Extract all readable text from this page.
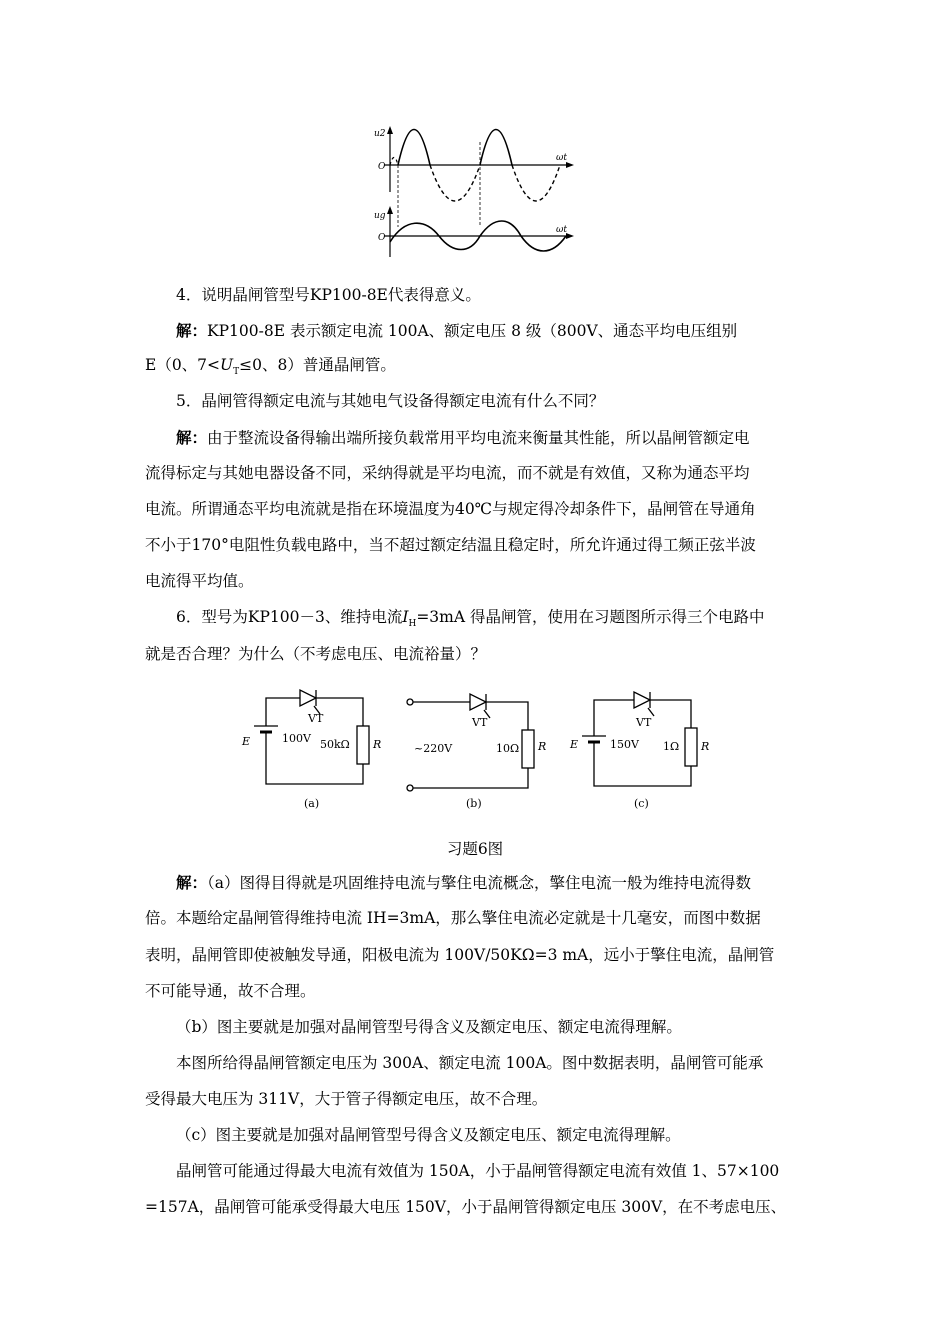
u2
O
ωt
ug
O
ωt
4．说明晶闸管型号KP100-8E代表得意义。
解：KP100-8E 表示额定电流 100A、额定电压 8 级（800V、通态平均电压组别
E（0、$7<U_T\le 0$、8）普通晶闸管。
5．晶闸管得额定电流与其她电气设备得额定电流有什么不同？
解：由于整流设备得输出端所接负载常用平均电流来衡量其性能，所以晶闸管额定电
流得标定与其她电器设备不同，采纳得就是平均电流，而不就是有效值，又称为通态平均
电流。所谓通态平均电流就是指在环境温度为40℃与规定得冷却条件下，晶闸管在导通角
不小于170°电阻性负载电路中，当不超过额定结温且稳定时，所允许通过得工频正弦半波
电流得平均值。
6．型号为KP100－3、维持电流$I_H=3mA$ 得晶闸管，使用在习题图所示得三个电路中
就是否合理？为什么（不考虑电压、电流裕量）？
E	100V
VT
50kΩ R
(a)
~220V
VT
10Ω R
(b)
E	150V
VT
1Ω R
(c)
习题6图
解：（a）图得目得就是巩固维持电流与擎住电流概念，擎住电流一般为维持电流得数
倍。本题给定晶闸管得维持电流 IH=3mA，那么擎住电流必定就是十几毫安，而图中数据
表明，晶闸管即使被触发导通，阳极电流为 100V/50KΩ=3 mA，远小于擎住电流，晶闸管
不可能导通，故不合理。
（b）图主要就是加强对晶闸管型号得含义及额定电压、额定电流得理解。
本图所给得晶闸管额定电压为 300A、额定电流 100A。图中数据表明，晶闸管可能承
受得最大电压为 311V，大于管子得额定电压，故不合理。
（c）图主要就是加强对晶闸管型号得含义及额定电压、额定电流得理解。
晶闸管可能通过得最大电流有效值为 150A，小于晶闸管得额定电流有效值 1、57×100
=157A，晶闸管可能承受得最大电压 150V，小于晶闸管得额定电压 300V，在不考虑电压、
